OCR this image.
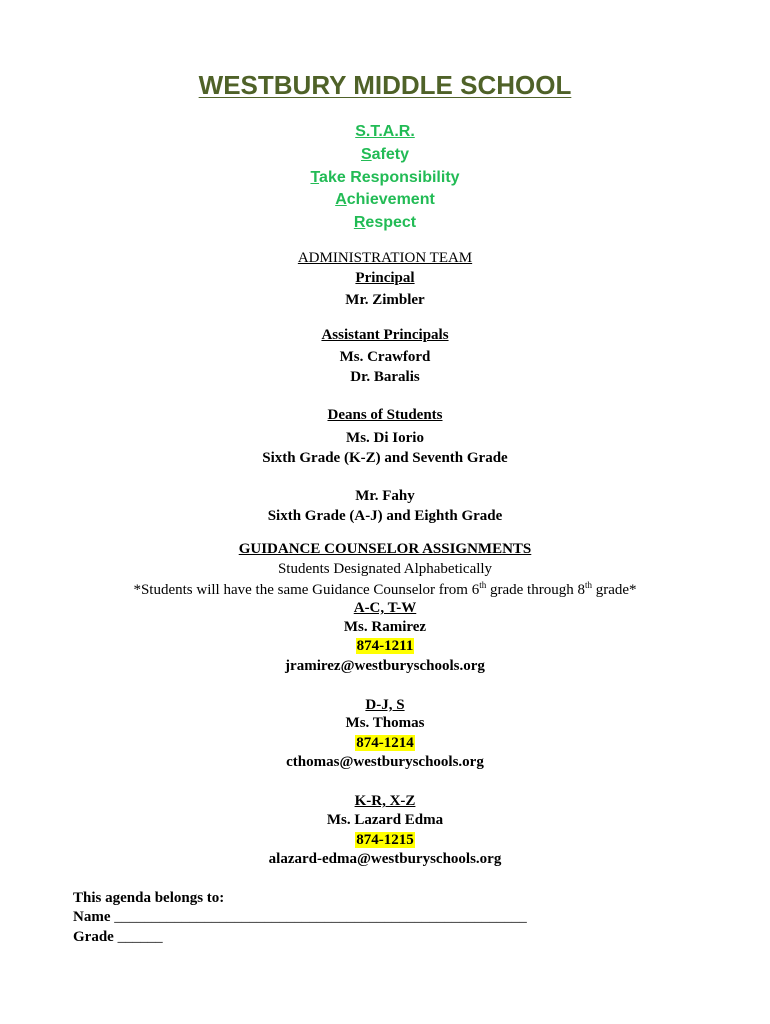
WESTBURY MIDDLE SCHOOL
S.T.A.R.
Safety
Take Responsibility
Achievement
Respect
ADMINISTRATION TEAM
Principal
Mr. Zimbler
Assistant Principals
Ms. Crawford
Dr. Baralis
Deans of Students
Ms. Di Iorio
Sixth Grade (K-Z) and Seventh Grade
Mr. Fahy
Sixth Grade (A-J) and Eighth Grade
GUIDANCE COUNSELOR ASSIGNMENTS
Students Designated Alphabetically
*Students will have the same Guidance Counselor from 6th grade through 8th grade*
A-C, T-W
Ms. Ramirez
874-1211
jramirez@westburyschools.org
D-J, S
Ms. Thomas
874-1214
cthomas@westburyschools.org
K-R, X-Z
Ms. Lazard Edma
874-1215
alazard-edma@westburyschools.org
This agenda belongs to:
Name _______________________________________________________
Grade ______
